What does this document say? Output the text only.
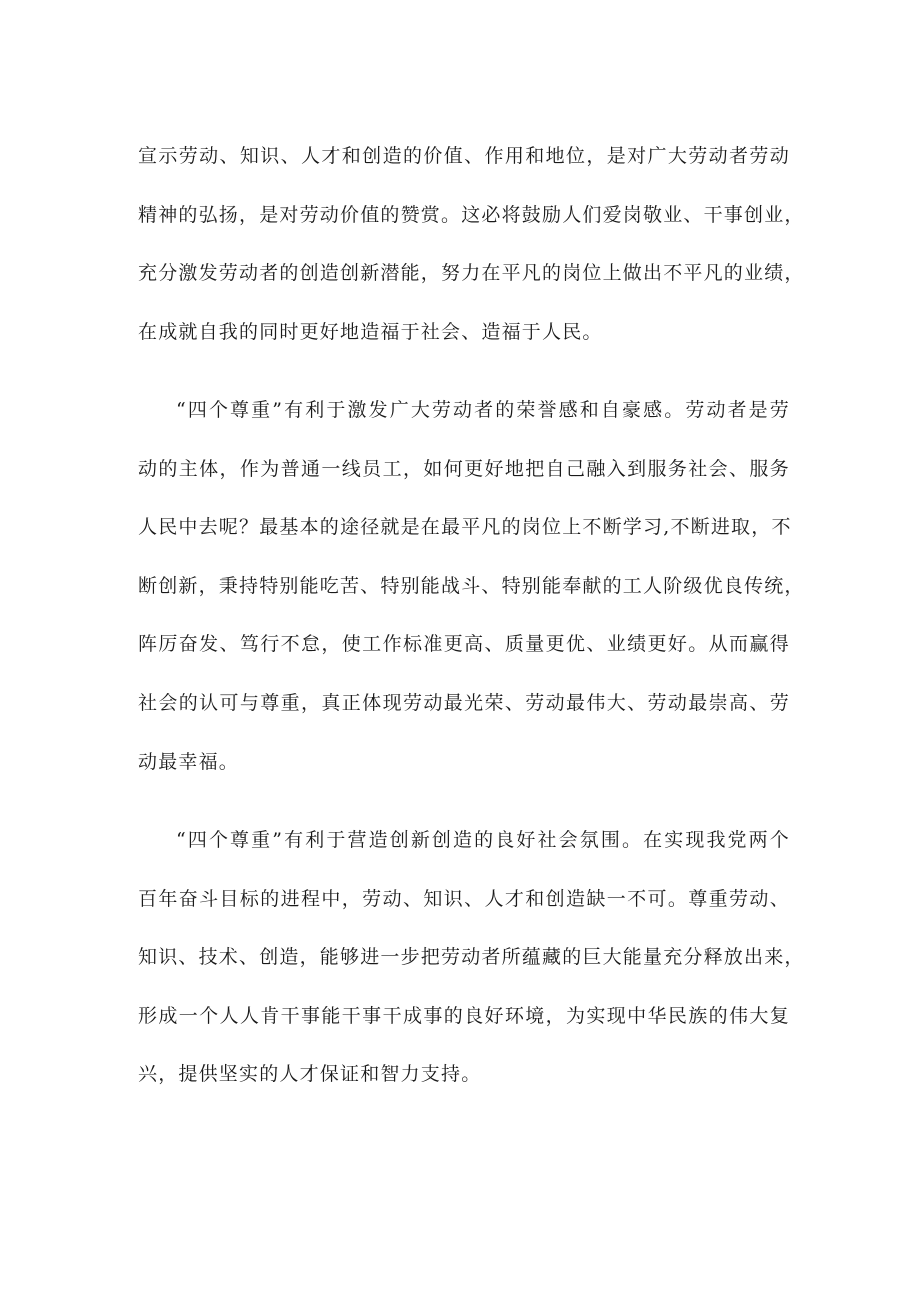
宣示劳动、知识、人才和创造的价值、作用和地位，是对广大劳动者劳动
精神的弘扬，是对劳动价值的赞赏。这必将鼓励人们爱岗敬业、干事创业，
充分激发劳动者的创造创新潜能，努力在平凡的岗位上做出不平凡的业绩，
在成就自我的同时更好地造福于社会、造福于人民。
“四个尊重”有利于激发广大劳动者的荣誉感和自豪感。劳动者是劳
动的主体，作为普通一线员工，如何更好地把自己融入到服务社会、服务
人民中去呢？最基本的途径就是在最平凡的岗位上不断学习,不断进取，不
断创新，秉持特别能吃苦、特别能战斗、特别能奉献的工人阶级优良传统，
阵厉奋发、笃行不怠，使工作标准更高、质量更优、业绩更好。从而赢得
社会的认可与尊重，真正体现劳动最光荣、劳动最伟大、劳动最崇高、劳
动最幸福。
“四个尊重”有利于营造创新创造的良好社会氛围。在实现我党两个
百年奋斗目标的进程中，劳动、知识、人才和创造缺一不可。尊重劳动、
知识、技术、创造，能够进一步把劳动者所蕴藏的巨大能量充分释放出来，
形成一个人人肯干事能干事干成事的良好环境，为实现中华民族的伟大复
兴，提供坚实的人才保证和智力支持。
